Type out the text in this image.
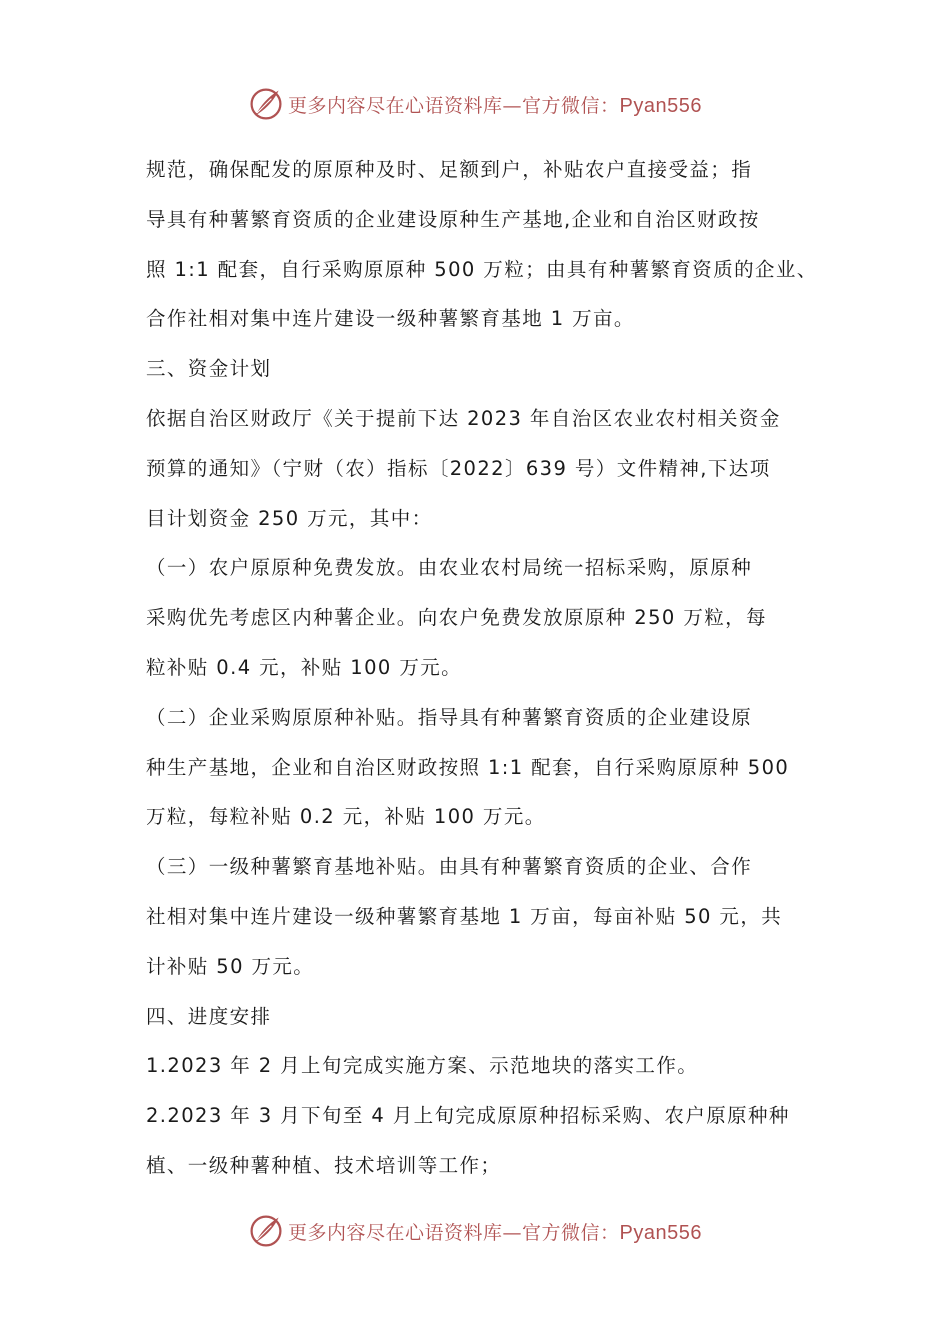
更多内容尽在心语资料库—官方微信：Pyan556
规范，确保配发的原原种及时、足额到户，补贴农户直接受益；指
导具有种薯繁育资质的企业建设原种生产基地,企业和自治区财政按
照 1:1 配套，自行采购原原种 500 万粒；由具有种薯繁育资质的企业、
合作社相对集中连片建设一级种薯繁育基地 1 万亩。
三、资金计划
依据自治区财政厅《关于提前下达 2023 年自治区农业农村相关资金
预算的通知》（宁财（农）指标〔2022〕639 号）文件精神,下达项
目计划资金 250 万元，其中：
（一）农户原原种免费发放。由农业农村局统一招标采购，原原种
采购优先考虑区内种薯企业。向农户免费发放原原种 250 万粒，每
粒补贴 0.4 元，补贴 100 万元。
（二）企业采购原原种补贴。指导具有种薯繁育资质的企业建设原
种生产基地，企业和自治区财政按照 1:1 配套，自行采购原原种 500
万粒，每粒补贴 0.2 元，补贴 100 万元。
（三）一级种薯繁育基地补贴。由具有种薯繁育资质的企业、合作
社相对集中连片建设一级种薯繁育基地 1 万亩，每亩补贴 50 元，共
计补贴 50 万元。
四、进度安排
1.2023 年 2 月上旬完成实施方案、示范地块的落实工作。
2.2023 年 3 月下旬至 4 月上旬完成原原种招标采购、农户原原种种
植、一级种薯种植、技术培训等工作；
更多内容尽在心语资料库—官方微信：Pyan556
